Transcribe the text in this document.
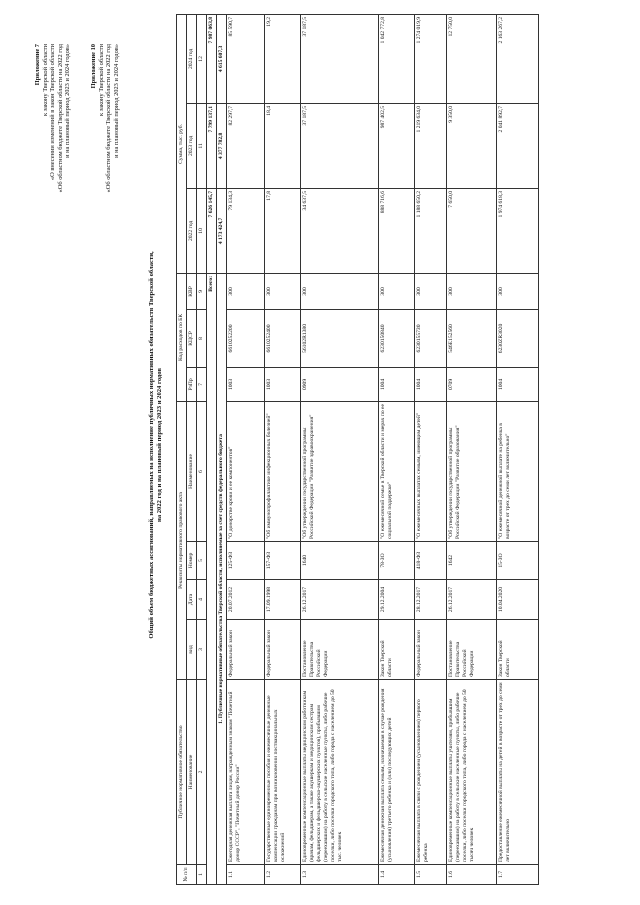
Приложение 7 к закону Тверской области «О внесении изменений в закон Тверской области «Об областном бюджете Тверской области на 2022 год и на плановый период 2023 и 2024 годов»	Приложение 10 к закону Тверской области «Об областном бюджете Тверской области на 2022 год и на плановый период 2023 и 2024 годов»
Общий объем бюджетных ассигнований, направляемых на исполнение публичных нормативных обязательств Тверской области, на 2022 год и на плановый период 2023 и 2024 годов
№ п/п	Публичное нормативное обязательство	Реквизиты нормативного правового акта				Код расходов по БК			Сумма, тыс. руб.		
	Наименование	вид	Дата	Номер	Наименование	РзПр	КЦСР	КВР	2022 год	2023 год	2024 год
1	2	3	4	5	6	7	8	9	10	11	12
Всего:									7 626 145,7	7 799 137,1	7 987 063,8
1. Публичные нормативные обязательства Тверской области, исполняемые за счет средств федерального бюджета									4 173 424,7	4 377 782,8	4 615 607,3
1.1	Ежегодная денежная выплата лицам, награжденным знаком "Почетный донор СССР", "Почетный донор России"	Федеральный закон	20.07.2012	125-ФЗ	"О донорстве крови и ее компонентов"	1003	6610252200	300	79 134,3	82 297,7	85 590,7
1.2	Государственные единовременные пособия и ежемесячные денежные компенсации гражданам при возникновении поствакцинальных осложнений	Федеральный закон	17.09.1998	157-ФЗ	"Об иммунопрофилактике инфекционных болезней"	1003	6610252400	300	17,8	18,4	19,2
1.3	Единовременные компенсационные выплаты медицинским работникам (врачам, фельдшерам, а также акушеркам и медицинским сестрам фельдшерских и фельдшерско-акушерских пунктов), прибывшим (переехавшим) на работу в сельские населенные пункты, либо рабочие поселки, либо поселки городского типа, либо города с населением до 50 тыс. человек	Постановление Правительства Российской Федерации	26.12.2017	1640	"Об утверждении государственной программы Российской Федерации "Развитие здравоохранения"	0909	56102R1380	300	34 637,5	37 187,5	37 187,5
1.4	Ежемесячная денежная выплата семьям, назначаемая в случае рождения (усыновления) третьего ребенка и (или) последующих детей	Закон Тверской области	29.12.2004	78-ЗО	"О ежемесячной семье в Тверской области и мерах по ее социальной поддержке"	1004	6230150840	300	888 716,6	987 402,5	1 042 772,8
1.5	Ежемесячная выплата в связи с рождением (усыновлением) первого ребенка	Федеральный закон	28.12.2017	418-ФЗ	"О ежемесячных выплатах семьям, имеющим детей"	1004	62301557З0	300	1 188 650,2	1 219 634,0	1 274 019,9
1.6	Единовременные компенсационные выплаты учителям, прибывшим (переехавшим) на работу в сельские населенные пункты, либо рабочие поселки, либо поселки городского типа, либо города с населением до 50 тысяч человек	Постановление Правительства Российской Федерации	26.12.2017	1642	"Об утверждении государственной программы Российской Федерации "Развитие образования"	0709	546Е152560	300	7 650,0	9 350,0	12 750,0
1.7	Предоставление ежемесячной выплаты на детей в возрасте от трех до семи лет включительно	Закон Тверской области	10.04.2020	15-ЗО	"О ежемесячной денежной выплате на ребенка в возрасте от трех до семи лет включительно"	1004	6230ZR3020	300	1 974 618,3	2 041 892,7	2 163 267,2
